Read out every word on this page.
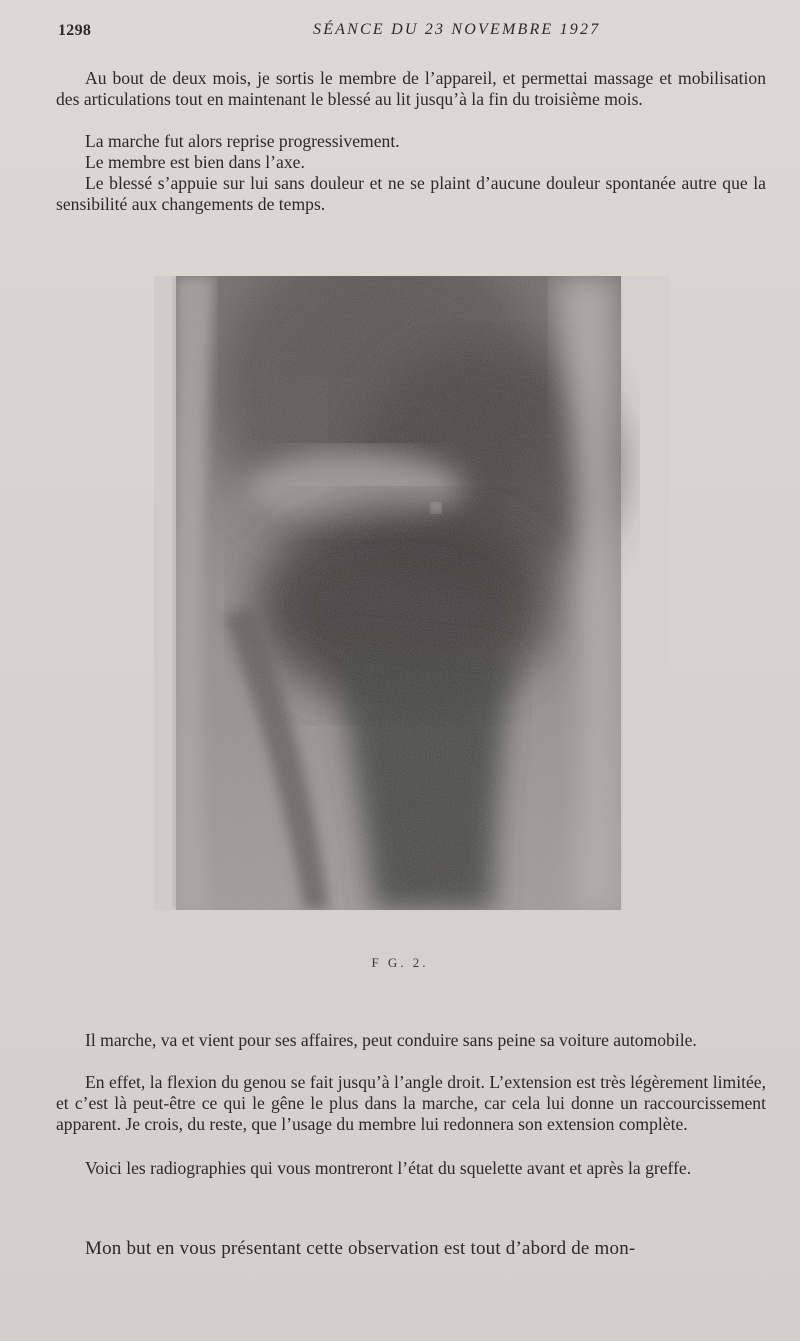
1298	SÉANCE DU 23 NOVEMBRE 1927

Au bout de deux mois, je sortis le membre de l’appareil, et permettai massage et mobilisation des articulations tout en maintenant le blessé au lit jusqu’à la fin du troisième mois.

La marche fut alors reprise progressivement.

Le membre est bien dans l’axe.

Le blessé s’appuie sur lui sans douleur et ne se plaint d’aucune douleur spontanée autre que la sensibilité aux changements de temps.

F G. 2.

Il marche, va et vient pour ses affaires, peut conduire sans peine sa voiture automobile.

En effet, la flexion du genou se fait jusqu’à l’angle droit. L’extension est très légèrement limitée, et c’est là peut-être ce qui le gêne le plus dans la marche, car cela lui donne un raccourcissement apparent. Je crois, du reste, que l’usage du membre lui redonnera son extension complète.

Voici les radiographies qui vous montreront l’état du squelette avant et après la greffe.

Mon but en vous présentant cette observation est tout d’abord de mon-
